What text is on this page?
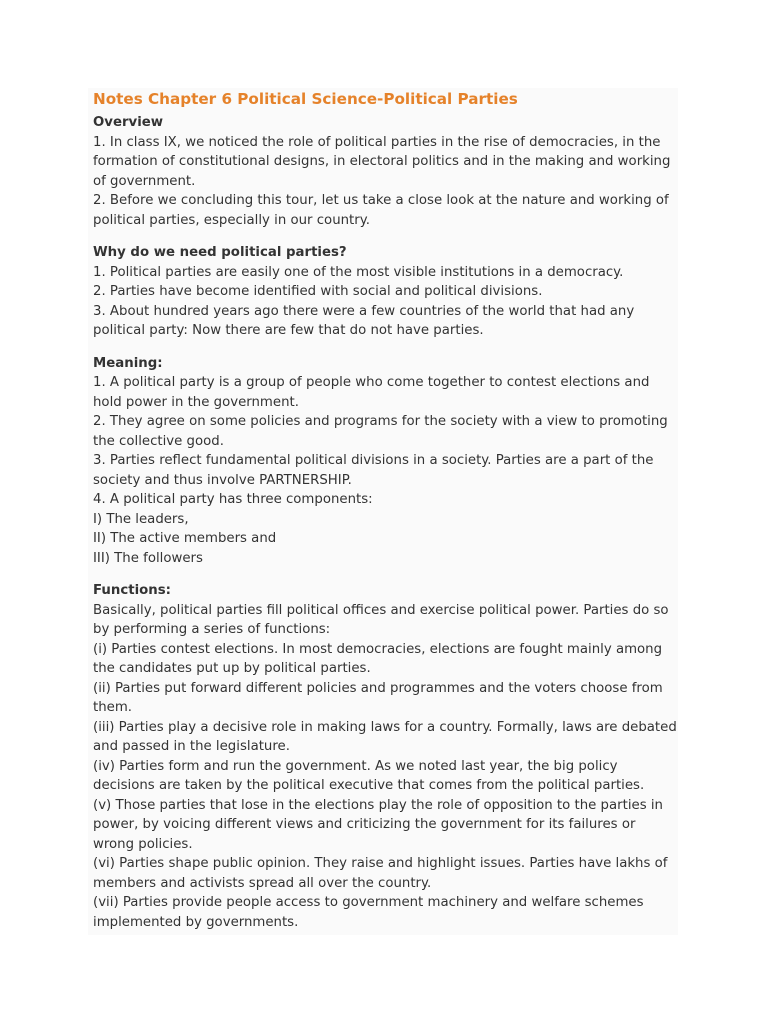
Notes Chapter 6 Political Science-Political Parties

Overview

1. In class IX, we noticed the role of political parties in the rise of democracies, in the formation of constitutional designs, in electoral politics and in the making and working of government.

2. Before we concluding this tour, let us take a close look at the nature and working of political parties, especially in our country.

Why do we need political parties?

1. Political parties are easily one of the most visible institutions in a democracy.

2. Parties have become identified with social and political divisions.

3. About hundred years ago there were a few countries of the world that had any political party: Now there are few that do not have parties.

Meaning:

1. A political party is a group of people who come together to contest elections and hold power in the government.

2. They agree on some policies and programs for the society with a view to promoting the collective good.

3. Parties reflect fundamental political divisions in a society. Parties are a part of the society and thus involve PARTNERSHIP.

4. A political party has three components:

I) The leaders,

II) The active members and

III) The followers

Functions:

Basically, political parties fill political offices and exercise political power. Parties do so by performing a series of functions:

(i) Parties contest elections. In most democracies, elections are fought mainly among the candidates put up by political parties.

(ii) Parties put forward different policies and programmes and the voters choose from them.

(iii) Parties play a decisive role in making laws for a country. Formally, laws are debated and passed in the legislature.

(iv) Parties form and run the government. As we noted last year, the big policy decisions are taken by the political executive that comes from the political parties.

(v) Those parties that lose in the elections play the role of opposition to the parties in power, by voicing different views and criticizing the government for its failures or wrong policies.

(vi) Parties shape public opinion. They raise and highlight issues. Parties have lakhs of members and activists spread all over the country.

(vii) Parties provide people access to government machinery and welfare schemes implemented by governments.
